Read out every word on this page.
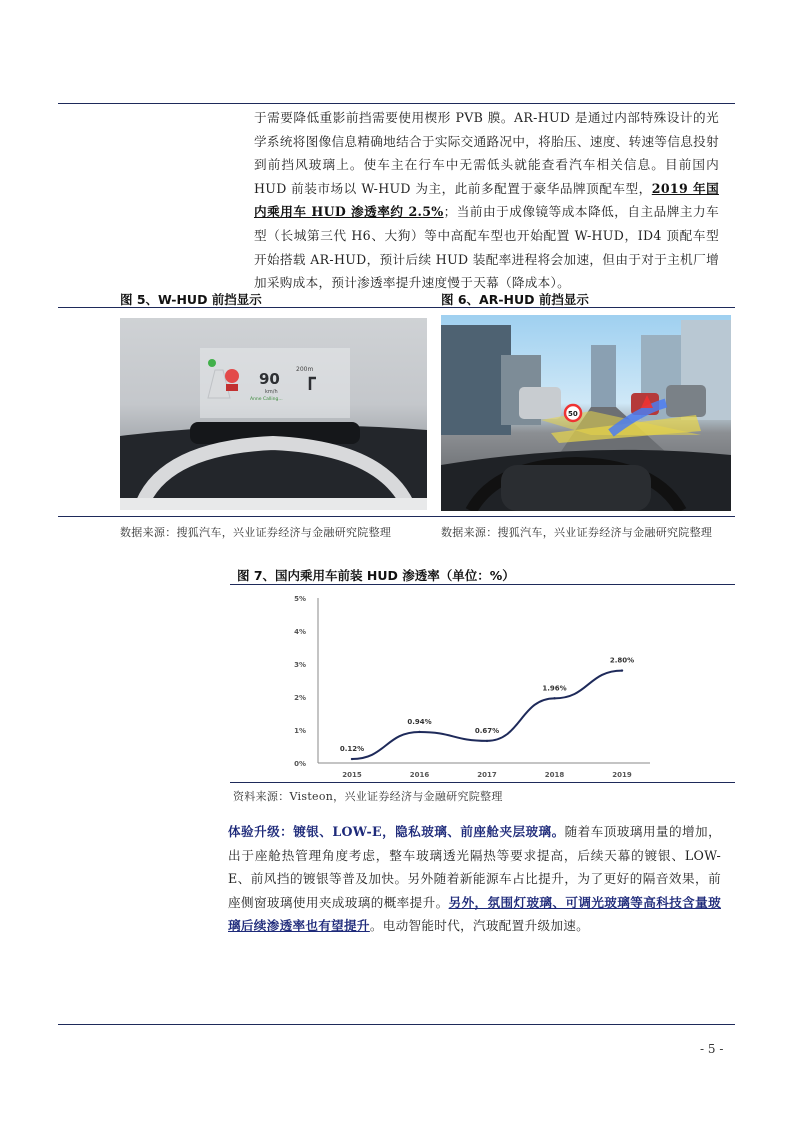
于需要降低重影前挡需要使用楔形 PVB 膜。AR-HUD 是通过内部特殊设计的光学系统将图像信息精确地结合于实际交通路况中，将胎压、速度、转速等信息投射到前挡风玻璃上。使车主在行车中无需低头就能查看汽车相关信息。目前国内 HUD 前装市场以 W-HUD 为主，此前多配置于豪华品牌顶配车型，2019 年国内乘用车 HUD 渗透率约 2.5%；当前由于成像镜等成本降低，自主品牌主力车型（长城第三代 H6、大狗）等中高配车型也开始配置 W-HUD，ID4 顶配车型开始搭载 AR-HUD，预计后续 HUD 装配率进程将会加速，但由于对于主机厂增加采购成本，预计渗透率提升速度慢于天幕（降成本）。
图 5、W-HUD 前挡显示	图 6、AR-HUD 前挡显示
90
km/h
200m
Anne Calling...
50
数据来源：搜狐汽车，兴业证券经济与金融研究院整理	数据来源：搜狐汽车，兴业证券经济与金融研究院整理
图 7、国内乘用车前装 HUD 渗透率（单位：%）
0%
1%
2%
3%
4%
5%
2015	2016	2017	2018	2019
0.12%
0.94%
0.67%
1.96%
2.80%
资料来源：Visteon，兴业证券经济与金融研究院整理
体验升级：镀银、LOW-E，隐私玻璃、前座舱夹层玻璃。随着车顶玻璃用量的增加，出于座舱热管理角度考虑，整车玻璃透光隔热等要求提高，后续天幕的镀银、LOW-E、前风挡的镀银等普及加快。另外随着新能源车占比提升，为了更好的隔音效果，前座侧窗玻璃使用夹成玻璃的概率提升。另外，氛围灯玻璃、可调光玻璃等高科技含量玻璃后续渗透率也有望提升。电动智能时代，汽玻配置升级加速。
- 5 -
